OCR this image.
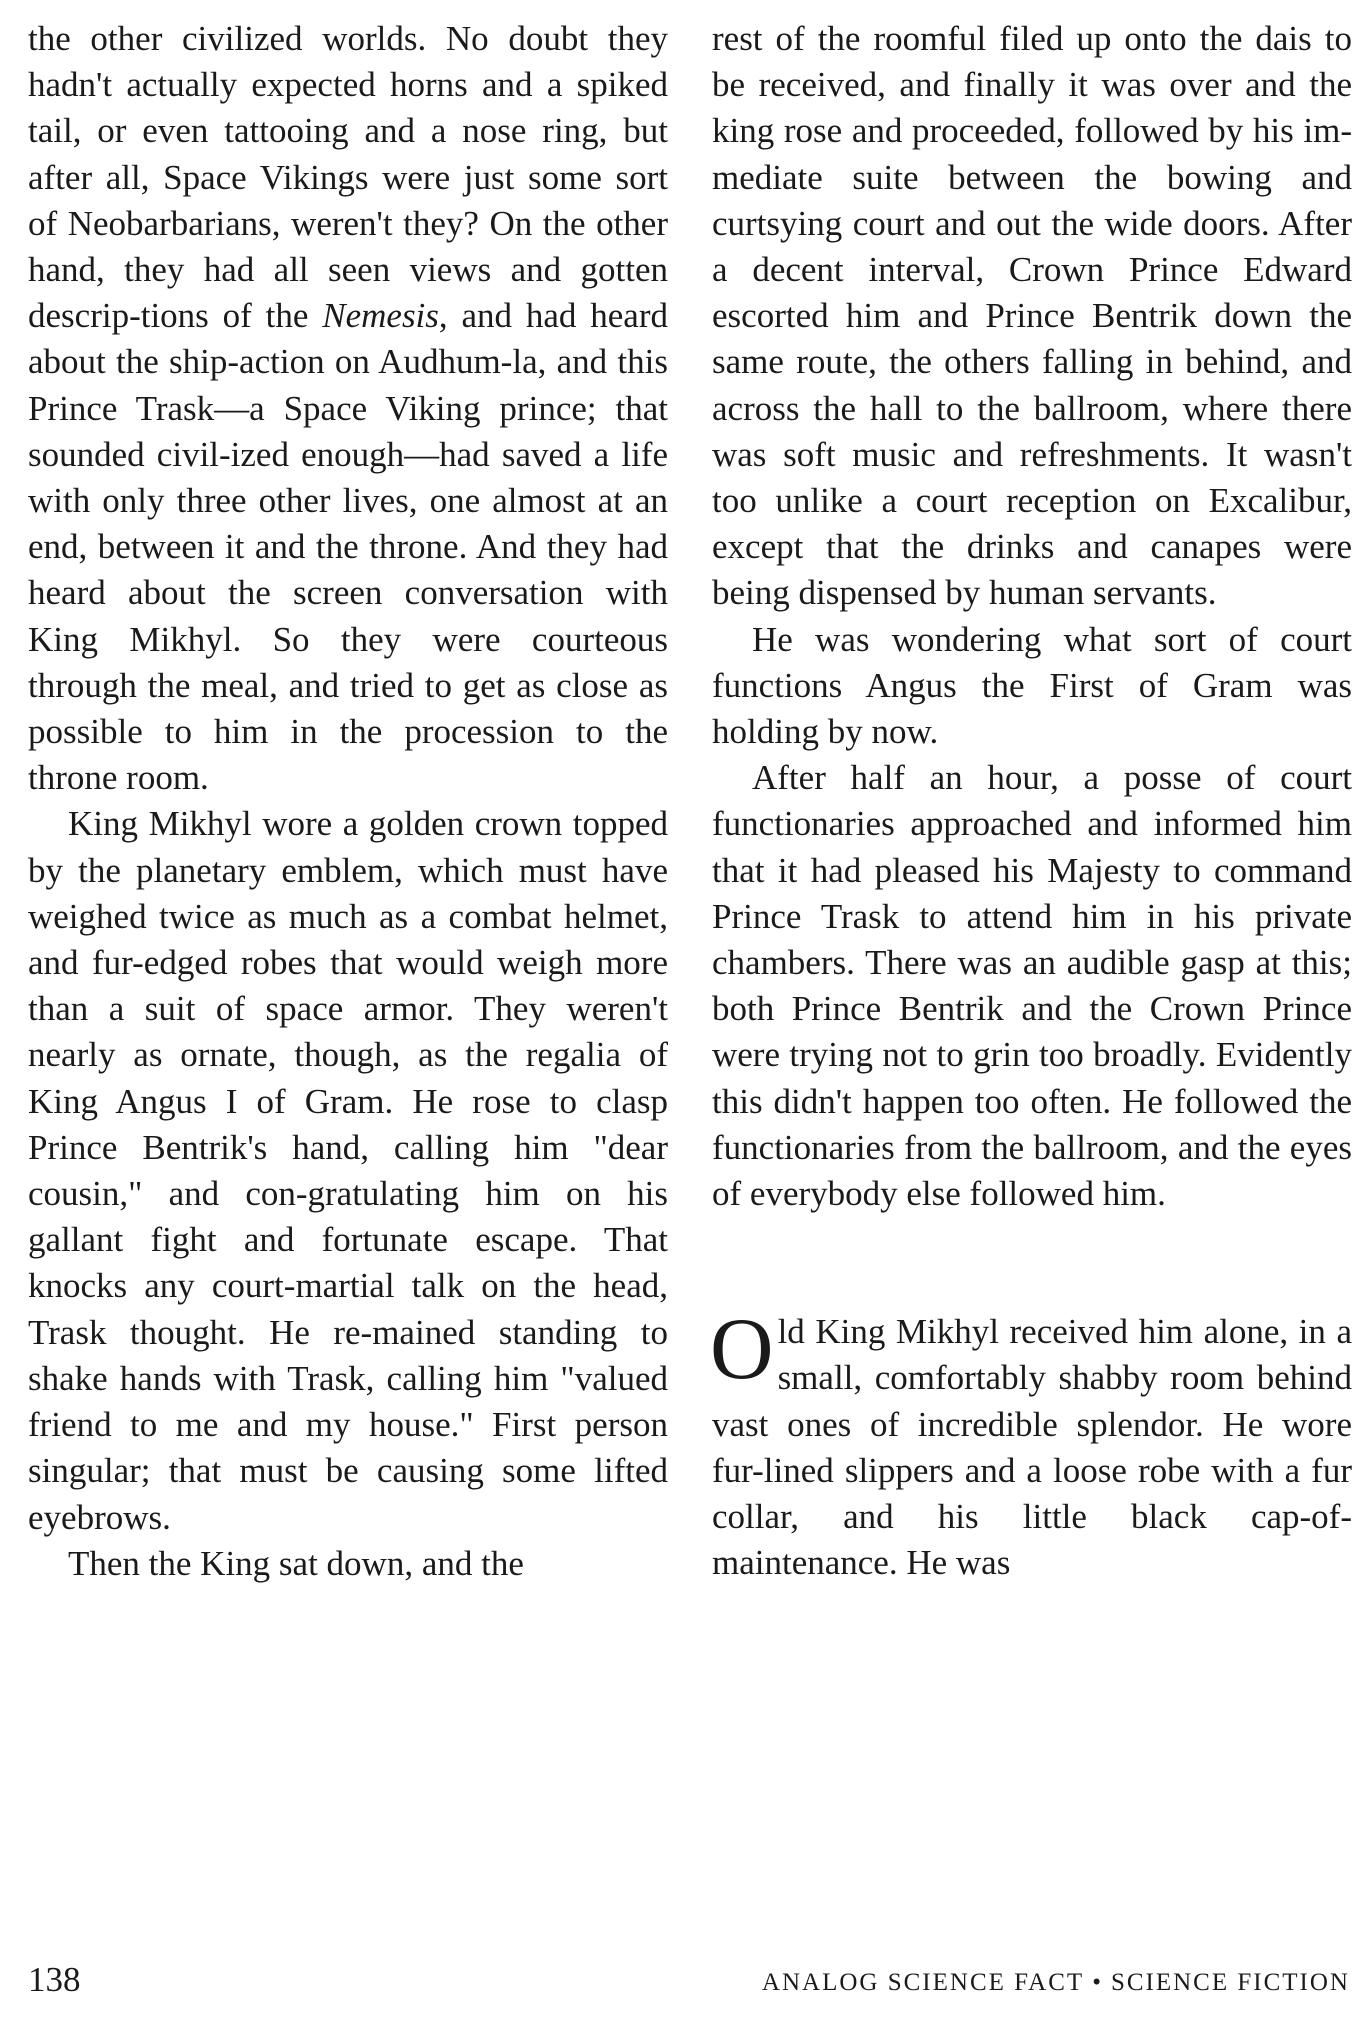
the other civilized worlds. No doubt they hadn't actually expected horns and a spiked tail, or even tattooing and a nose ring, but after all, Space Vikings were just some sort of Neobarbarians, weren't they? On the other hand, they had all seen views and gotten descrip-tions of the Nemesis, and had heard about the ship-action on Audhum-la, and this Prince Trask—a Space Viking prince; that sounded civil-ized enough—had saved a life with only three other lives, one almost at an end, between it and the throne. And they had heard about the screen conversation with King Mikhyl. So they were courteous through the meal, and tried to get as close as possible to him in the procession to the throne room.

King Mikhyl wore a golden crown topped by the planetary emblem, which must have weighed twice as much as a combat helmet, and fur-edged robes that would weigh more than a suit of space armor. They weren't nearly as ornate, though, as the regalia of King Angus I of Gram. He rose to clasp Prince Bentrik's hand, calling him "dear cousin," and con-gratulating him on his gallant fight and fortunate escape. That knocks any court-martial talk on the head, Trask thought. He re-mained standing to shake hands with Trask, calling him "valued friend to me and my house." First person singular; that must be causing some lifted eyebrows.

Then the King sat down, and the

rest of the roomful filed up onto the dais to be received, and finally it was over and the king rose and proceeded, followed by his im-mediate suite between the bowing and curtsying court and out the wide doors. After a decent interval, Crown Prince Edward escorted him and Prince Bentrik down the same route, the others falling in behind, and across the hall to the ballroom, where there was soft music and refreshments. It wasn't too unlike a court reception on Excalibur, except that the drinks and canapes were being dispensed by human servants.

He was wondering what sort of court functions Angus the First of Gram was holding by now.

After half an hour, a posse of court functionaries approached and informed him that it had pleased his Majesty to command Prince Trask to attend him in his private chambers. There was an audible gasp at this; both Prince Bentrik and the Crown Prince were trying not to grin too broadly. Evidently this didn't happen too often. He followed the functionaries from the ballroom, and the eyes of everybody else followed him.

Old King Mikhyl received him alone, in a small, comfortably shabby room behind vast ones of incredible splendor. He wore fur-lined slippers and a loose robe with a fur collar, and his little black cap-of-maintenance. He was

138	ANALOG SCIENCE FACT • SCIENCE FICTION
